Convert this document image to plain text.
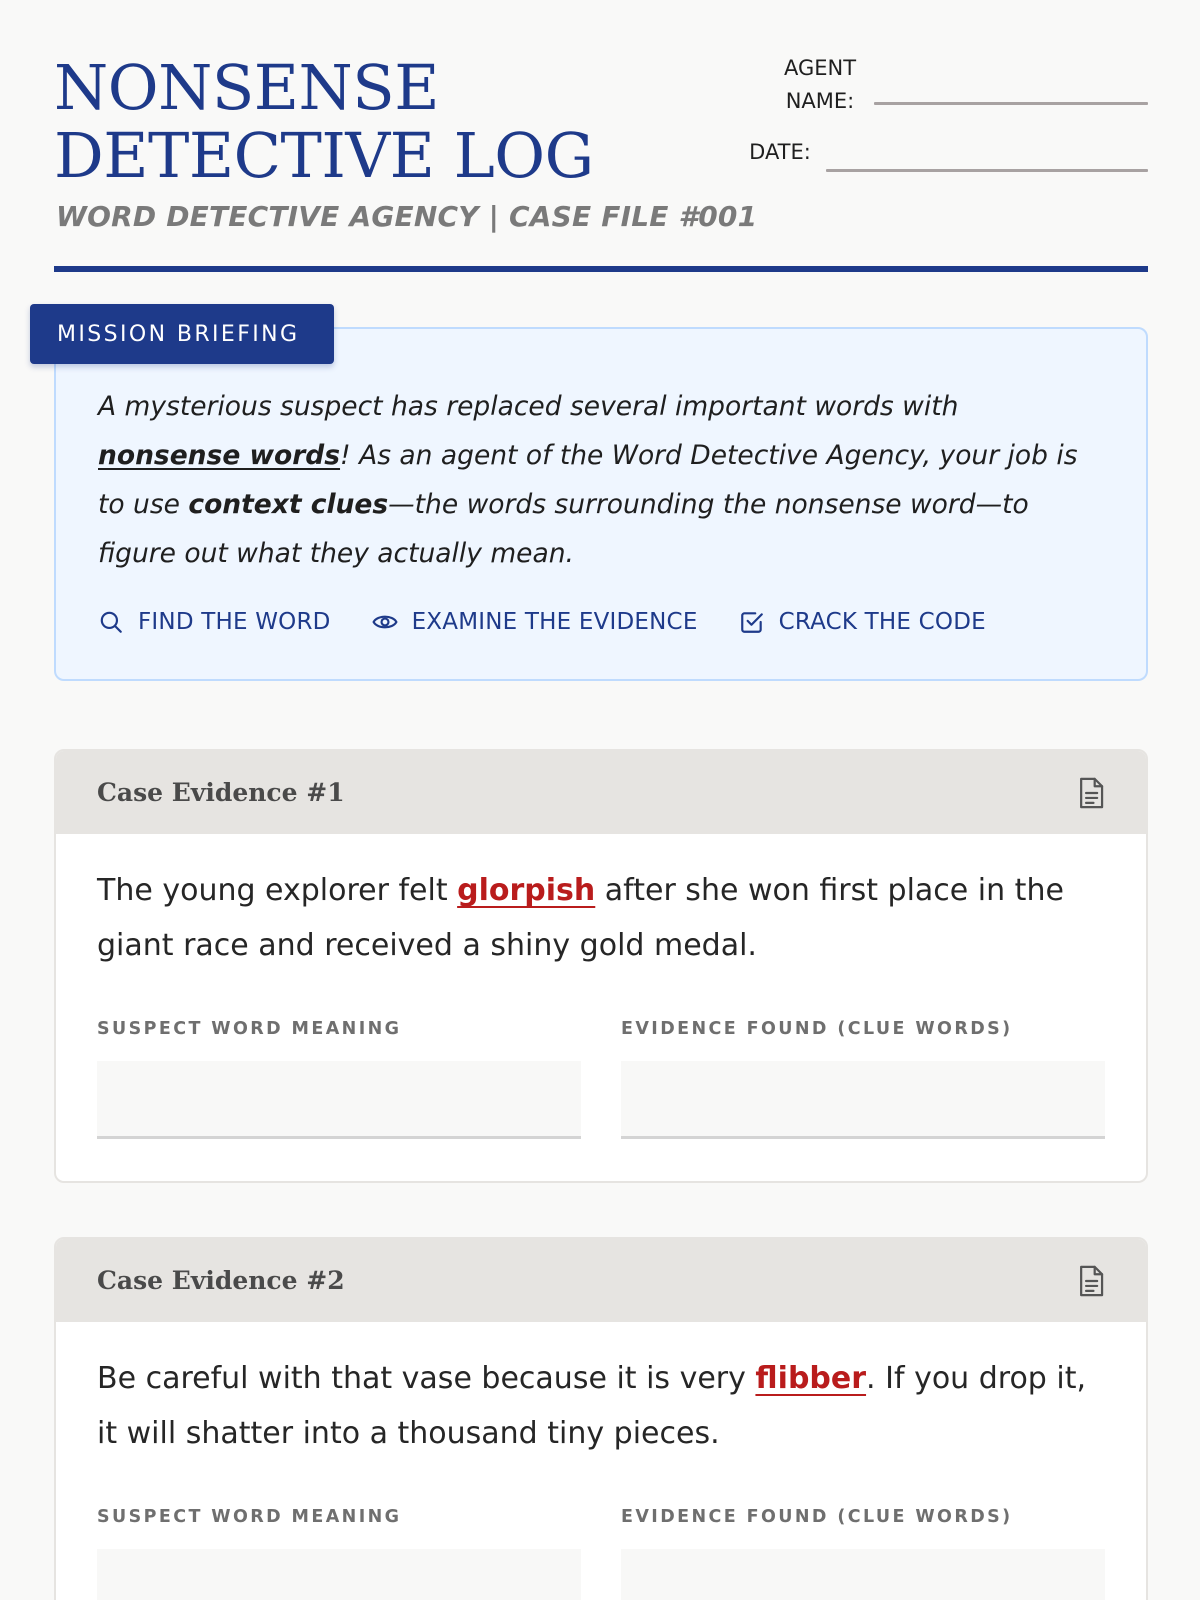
NONSENSE DETECTIVE LOG
WORD DETECTIVE AGENCY | CASE FILE #001
AGENT
NAME:
DATE:
MISSION BRIEFING

A mysterious suspect has replaced several important words with nonsense words! As an agent of the Word Detective Agency, your job is to use context clues—the words surrounding the nonsense word—to figure out what they actually mean.

FIND THE WORD	EXAMINE THE EVIDENCE	CRACK THE CODE
Case Evidence #1

The young explorer felt glorpish after she won first place in the giant race and received a shiny gold medal.

SUSPECT WORD MEANING	EVIDENCE FOUND (CLUE WORDS)
Case Evidence #2

Be careful with that vase because it is very flibber. If you drop it, it will shatter into a thousand tiny pieces.

SUSPECT WORD MEANING	EVIDENCE FOUND (CLUE WORDS)
